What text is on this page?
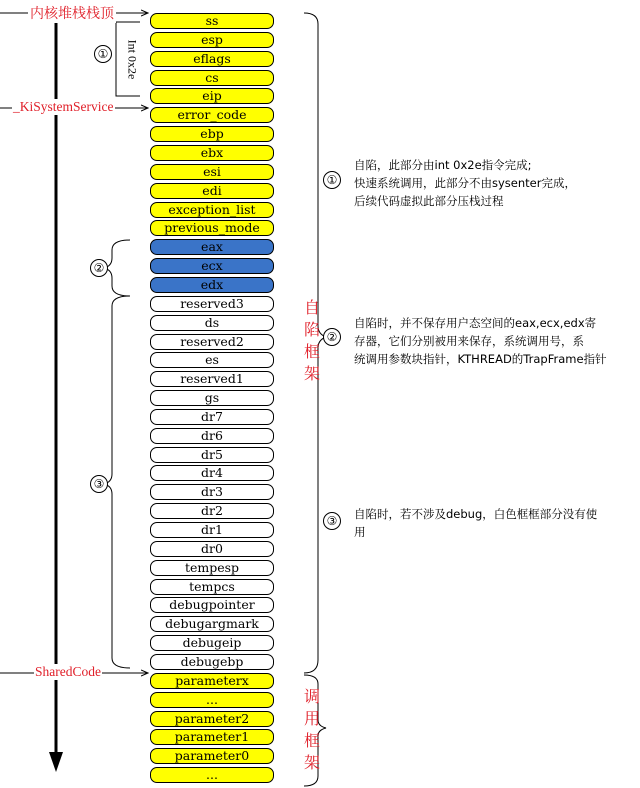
ss
esp
eflags
cs
eip
error_code
ebp
ebx
esi
edi
exception_list
previous_mode
eax
ecx
edx
reserved3
ds
reserved2
es
reserved1
gs
dr7
dr6
dr5
dr4
dr3
dr2
dr1
dr0
tempesp
tempcs
debugpointer
debugargmark
debugeip
debugebp
parameterx
...
parameter2
parameter1
parameter0
...
内核堆栈栈顶
_KiSystemService
SharedCode
Int 0x2e
①
②
③
自
陷
框
架
调
用
框
架
①
②
③
自陷，此部分由int 0x2e指令完成;
快速系统调用，此部分不由sysenter完成，
后续代码虚拟此部分压栈过程
自陷时，并不保存用户态空间的eax,ecx,edx寄
存器，它们分别被用来保存，系统调用号，系
统调用参数块指针，KTHREAD的TrapFrame指针
自陷时，若不涉及debug，白色框框部分没有使
用
